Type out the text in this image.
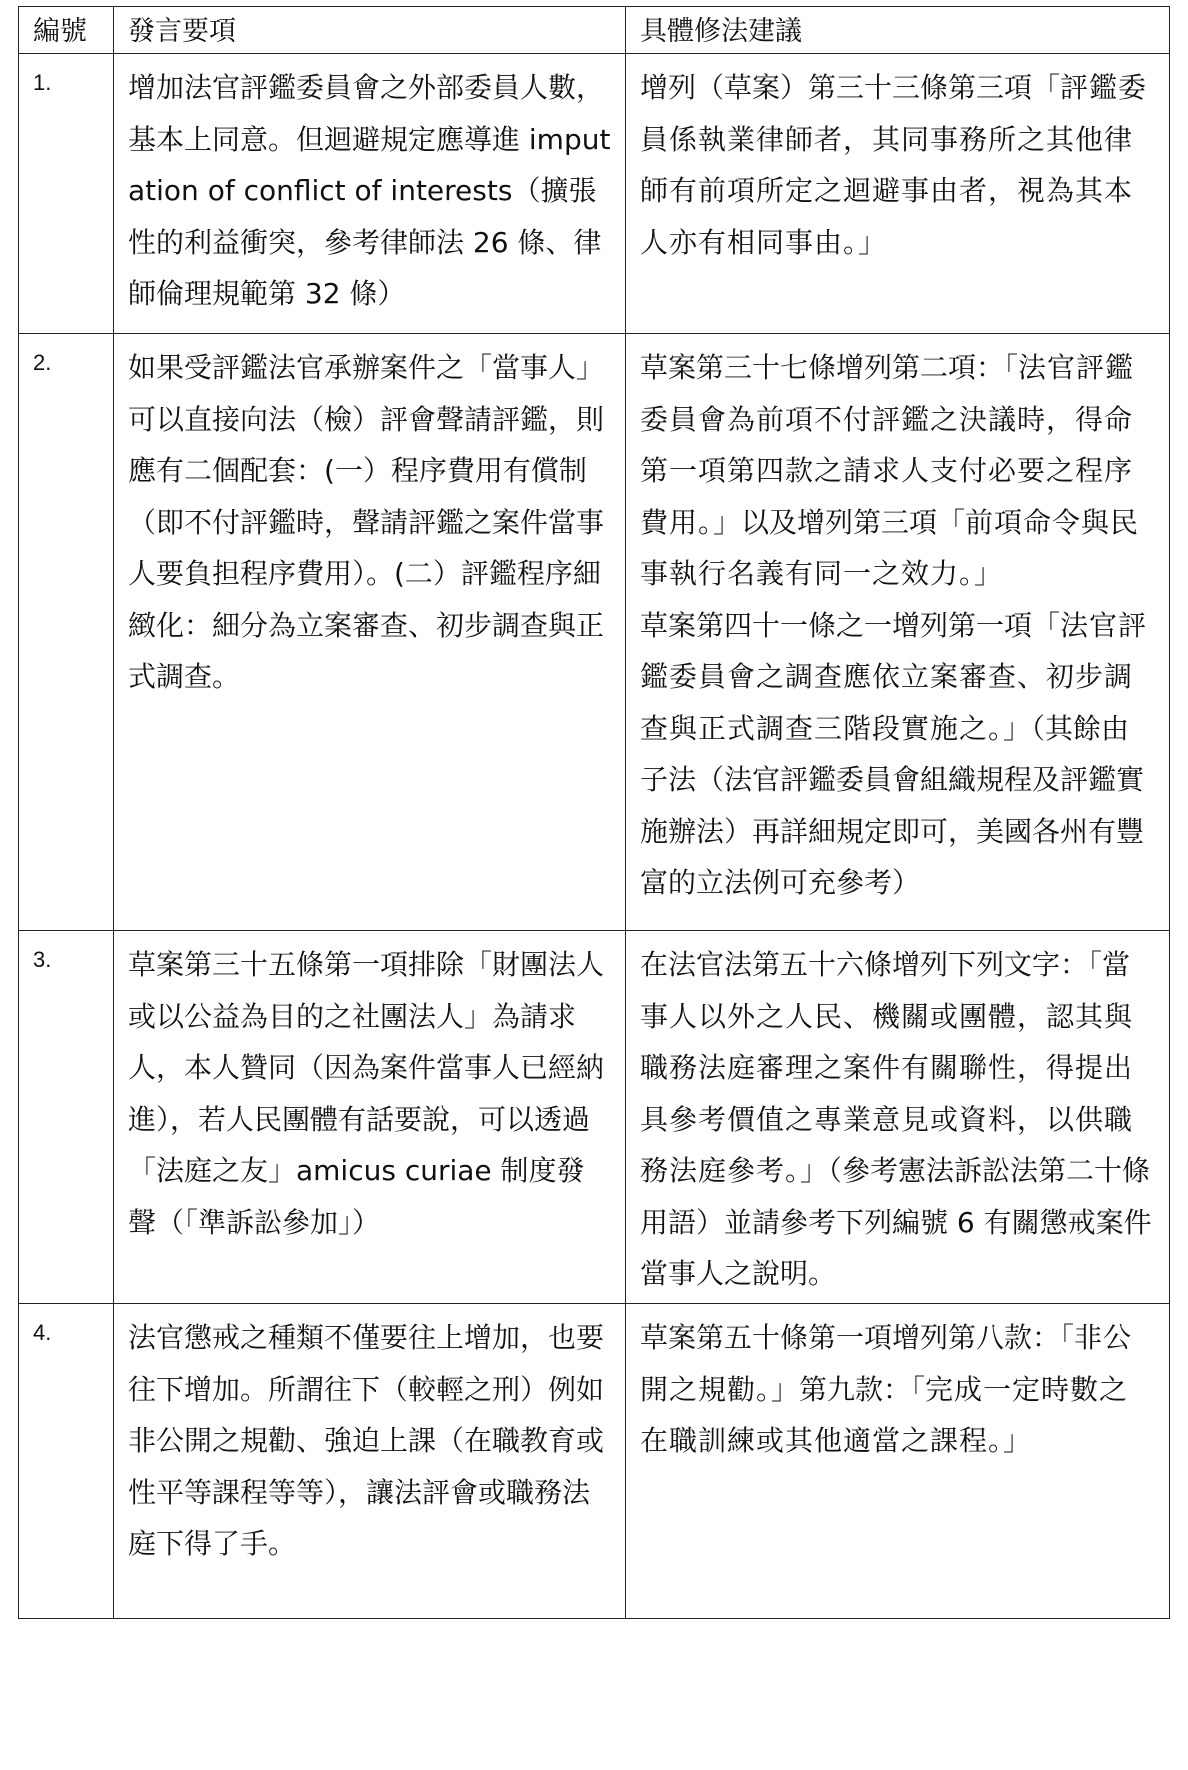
編號	發言要項	具體修法建議
1.	增加法官評鑑委員會之外部委員人數，基本上同意。但迴避規定應導進 imputation of conflict of interests（擴張性的利益衝突，參考律師法 26 條、律師倫理規範第 32 條）	增列（草案）第三十三條第三項「評鑑委員係執業律師者，其同事務所之其他律師有前項所定之迴避事由者，視為其本人亦有相同事由。」
2.	如果受評鑑法官承辦案件之「當事人」可以直接向法（檢）評會聲請評鑑，則應有二個配套：(一）程序費用有償制（即不付評鑑時，聲請評鑑之案件當事人要負担程序費用）。(二）評鑑程序細緻化：細分為立案審查、初步調查與正式調查。	草案第三十七條增列第二項：「法官評鑑委員會為前項不付評鑑之決議時，得命第一項第四款之請求人支付必要之程序費用。」以及增列第三項「前項命令與民事執行名義有同一之效力。」
草案第四十一條之一增列第一項「法官評鑑委員會之調查應依立案審查、初步調查與正式調查三階段實施之。」（其餘由子法（法官評鑑委員會組織規程及評鑑實施辦法）再詳細規定即可，美國各州有豐富的立法例可充參考）
3.	草案第三十五條第一項排除「財團法人或以公益為目的之社團法人」為請求人，本人贊同（因為案件當事人已經納進），若人民團體有話要說，可以透過「法庭之友」amicus curiae 制度發聲（「準訴訟參加」）	在法官法第五十六條增列下列文字：「當事人以外之人民、機關或團體，認其與職務法庭審理之案件有關聯性，得提出具參考價值之專業意見或資料，以供職務法庭參考。」（參考憲法訴訟法第二十條用語）並請參考下列編號 6 有關懲戒案件當事人之說明。
4.	法官懲戒之種類不僅要往上增加，也要往下增加。所謂往下（較輕之刑）例如非公開之規勸、強迫上課（在職教育或性平等課程等等），讓法評會或職務法庭下得了手。	草案第五十條第一項增列第八款：「非公開之規勸。」第九款：「完成一定時數之在職訓練或其他適當之課程。」
